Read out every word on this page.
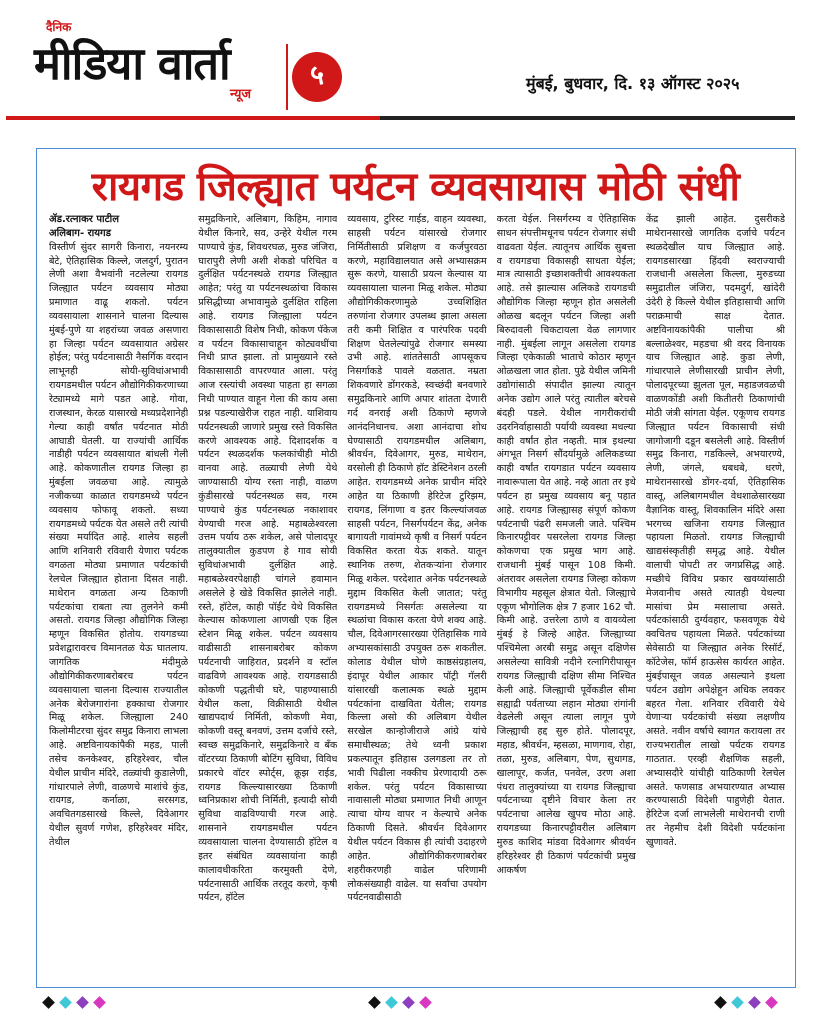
दैनिक
मीडिया वार्ता
न्यूज
५	मुंबई, बुधवार, दि. १३ ऑगस्ट २०२५
रायगड जिल्ह्यात पर्यटन व्यवसायास मोठी संधी
ॲड.रत्नाकर पाटील
अलिबाग- रायगड

विस्तीर्ण सुंदर सागरी किनारा, नयनरम्य बेटे, ऐतिहासिक किल्ले, जलदुर्ग, पुरातन लेणी अशा वैभवांनी नटलेल्या रायगड जिल्ह्यात पर्यटन व्यवसाय मोठ्या प्रमाणात वाढू शकतो. पर्यटन व्यवसायाला शासनाने चालना दिल्यास मुंबई-पुणे या शहरांच्या जवळ असणारा हा जिल्हा पर्यटन व्यवसायात अग्रेसर होईल; परंतु पर्यटनासाठी नैसर्गिक वरदान लाभूनही सोयी-सुविधांअभावी रायगडमधील पर्यटन औद्योगिकीकरणाच्या रेट्यामध्ये मागे पडत आहे. गोवा, राजस्थान, केरळ यासारखे मध्यप्रदेशानेही गेल्या काही वर्षांत पर्यटनात मोठी आघाडी घेतली. या राज्यांची आर्थिक नाडीही पर्यटन व्यवसायात बांधली गेली आहे. कोकणातील रायगड जिल्हा हा मुंबईला जवळचा आहे. त्यामुळे नजीकच्या काळात रायगडमध्ये पर्यटन व्यवसाय फोफावू शकतो. सध्या रायगडमध्ये पर्यटक येत असले तरी त्यांची संख्या मर्यादित आहे. शालेय सहली आणि शनिवारी रविवारी येणारा पर्यटक वगळता मोठ्या प्रमाणात पर्यटकांची रेलचेल जिल्ह्यात होताना दिसत नाही. माथेरान वगळता अन्य ठिकाणी पर्यटकांचा राबता त्या तुलनेने कमी असतो. रायगड जिल्हा औद्योगिक जिल्हा म्हणून विकसित होतोय. रायगडच्या प्रवेशद्वारावरच विमानतळ येऊ घातलाय. जागतिक मंदीमुळे औद्योगिकीकरणाबरोबरच पर्यटन व्यवसायाला चालना दिल्यास राज्यातील अनेक बेरोजगारांना हक्काचा रोजगार मिळू शकेल. जिल्ह्याला 240 किलोमीटरचा सुंदर समुद्र किनारा लाभला आहे. अष्टविनायकांपैकी महड, पाली तसेच कनकेश्वर, हरिहरेश्वर, चौल येथील प्राचीन मंदिरे, तळ्यांची कुडालेणी, गांधारपाले लेणी, वाळणचे माशांचे कुंड, रायगड, कर्नाळा, सरसगड, अवचितगडसारखे किल्ले, दिवेआगर येथील सुवर्ण गणेश, हरिहरेश्वर मंदिर, तेथील

समुद्रकिनारे, अलिबाग, किहिम, नागाव येथील किनारे, सव, उन्हेरे येथील गरम पाण्याचे कुंड, शिवथरघळ, मुरुड जंजिरा, घारापुरी लेणी अशी शेकडो परिचित व दुर्लक्षित पर्यटनस्थळे रायगड जिल्ह्यात आहेत; परंतु या पर्यटनस्थळांचा विकास प्रसिद्धीच्या अभावामुळे दुर्लक्षित राहिला आहे. रायगड जिल्ह्याला पर्यटन विकासासाठी विशेष निधी, कोकण पॅकेज व पर्यटन विकासाचाहून कोट्यवधींचा निधी प्राप्त झाला. तो प्रामुख्याने रस्ते विकासासाठी वापरण्यात आला. परंतु आज रस्त्यांची अवस्था पाहता हा सगळा निधी पाण्यात वाहून गेला की काय असा प्रश्न पडल्याखेरीज राहत नाही. याशिवाय पर्यटनस्थळी जाणारे प्रमुख रस्ते विकसित करणे आवश्यक आहे. दिशादर्शक व पर्यटन स्थळदर्शक फलकांचीही मोठी वानवा आहे. तळ्याची लेणी येथे जाण्यासाठी योग्य रस्ता नाही, वाळण कुंडीसारखे पर्यटनस्थळ सव, गरम पाण्याचे कुंड पर्यटनस्थळ नकाशावर येण्याची गरज आहे. महाबळेश्वरला उत्तम पर्याय ठरू शकेल, असे पोलादपूर तालुक्यातील कुडपण हे गाव सोयी सुविधांअभावी दुर्लक्षित आहे. महाबळेश्वरपेक्षाही चांगले हवामान असलेले हे खेडे विकसित झालेले नाही. रस्ते, हॉटेल, काही पॉईंट येथे विकसित केल्यास कोकणाला आणखी एक हिल स्टेशन मिळू शकेल. पर्यटन व्यवसाय वाढीसाठी शासनाबरोबर कोकण पर्यटनाची जाहिरात, प्रदर्शने व स्टॉल वाढविणे आवश्यक आहे. रायगडसाठी कोकणी पद्धतीची घरे, पाहण्यासाठी येथील कला, विक्रीसाठी येथील खाद्यपदार्थ निर्मिती, कोकणी मेवा, कोकणी वस्तू बनवणं, उत्तम दर्जाचे रस्ते, स्वच्छ समुद्रकिनारे, समुद्रकिनारे व बँक वॉटरच्या ठिकाणी बोटिंग सुविधा, विविध प्रकारचे वॉटर स्पोर्ट्स, क्रूझ राईड, रायगड किल्ल्यासारख्या ठिकाणी ध्वनिप्रकाश शोची निर्मिती, इत्यादी सोयी सुविधा वाढविण्याची गरज आहे. शासनाने रायगडमधील पर्यटन व्यवसायाला चालना देण्यासाठी हॉटेल व इतर संबंधित व्यवसायांना काही कालावधीकरिता करमुक्ती देणे, पर्यटनासाठी आर्थिक तरतूद करणे, कृषी पर्यटन, हॉटेल

व्यवसाय, टुरिस्ट गाईड, वाहन व्यवस्था, साहसी पर्यटन यांसारखे रोजगार निर्मितीसाठी प्रशिक्षण व कर्जपुरवठा करणे, महाविद्यालयात असे अभ्यासक्रम सुरू करणे, यासाठी प्रयत्न केल्यास या व्यवसायाला चालना मिळू शकेल. मोठ्या औद्योगिकीकरणामुळे उच्चशिक्षित तरुणांना रोजगार उपलब्ध झाला असला तरी कमी शिक्षित व पारंपरिक पदवी शिक्षण घेतलेल्यांपुढे रोजगार समस्या उभी आहे. शांततेसाठी आपसूकच निसर्गाकडे पावले वळतात. नम्रता शिकवणारे डोंगरकडे, स्वच्छंदी बनवणारे समुद्रकिनारे आणि अपार शांतता देणारी गर्द वनराई अशी ठिकाणे म्हणजे आनंदनिधानच. अशा आनंदाचा शोध घेण्यासाठी रायगडमधील अलिबाग, श्रीवर्धन, दिवेआगर, मुरुड, माथेरान, वरसोली ही ठिकाणे हॉट डेस्टिनेशन ठरली आहेत. रायगडमध्ये अनेक प्राचीन मंदिरे आहेत या ठिकाणी हेरिटेज टुरिझम, रायगड, लिंगाणा व इतर किल्ल्यांजवळ साहसी पर्यटन, निसर्गपर्यटन केंद्र, अनेक बागायती गावांमध्ये कृषी व निसर्ग पर्यटन विकसित करता येऊ शकते. यातून स्थानिक तरुण, शेतकऱ्यांना रोजगार मिळू शकेल. परदेशात अनेक पर्यटनस्थळे मुद्दाम विकसित केली जातात; परंतु रायगडमध्ये निसर्गतः असलेल्या या स्थळांचा विकास करता येणे शक्य आहे. चौल, दिवेआगरसारख्या ऐतिहासिक गावे अभ्यासकांसाठी उपयुक्त ठरू शकतील. कोलाड येथील घोणे काष्ठसंग्रहालय, इंदापूर येथील आकार पॉट्री गॅलरी यांसारखी कलात्मक स्थळे मुद्दाम पर्यटकांना दाखविता येतील; रायगड किल्ला असो की अलिबाग येथील सरखेल कान्होजीराजे आंग्रे यांचे समाधीस्थळ; तेथे ध्वनी प्रकाश प्रकल्पातून इतिहास उलगडला तर तो भावी पिढीला नक्कीच प्रेरणादायी ठरू शकेल. परंतु पर्यटन विकासाच्या नावासाली मोठ्या प्रमाणात निधी आणून त्याचा योग्य वापर न केल्याचे अनेक ठिकाणी दिसते. श्रीवर्धन दिवेआगर येथील पर्यटन विकास ही त्यांची उदाहरणे आहेत. औद्योगिकीकरणाबरोबर शहरीकरणही वाढेल परिणामी लोकसंख्याही वाढेल. या सर्वांचा उपयोग पर्यटनवाढीसाठी

करता येईल. निसर्गरम्य व ऐतिहासिक साधन संपत्तीमधूनच पर्यटन रोजगार संधी वाढवता येईल. त्यातूनच आर्थिक सुबत्ता व रायगडचा विकासही साधता येईल; मात्र त्यासाठी इच्छाशक्तीची आवश्यकता आहे. तसे झाल्यास अलिकडे रायगडची औद्योगिक जिल्हा म्हणून होत असलेली ओळख बदलून पर्यटन जिल्हा अशी बिरुदावली चिकटायला वेळ लागणार नाही. मुंबईला लागून असलेला रायगड जिल्हा एकेकाळी भाताचे कोठार म्हणून ओळखला जात होता. पुढे येथील जमिनी उद्योगांसाठी संपादीत झाल्या त्यातून अनेक उद्योग आले परंतु त्यातील बरेचसे बंदही पडले. येथील नागरीकरांची उदरनिर्वाहासाठी पर्यायी व्यवस्था मधल्या काही वर्षांत होत नव्हती. मात्र इथल्या अंगभूत निसर्ग सौंदर्यामुळे अलिकडच्या काही वर्षांत रायगडात पर्यटन व्यवसाय नावारूपाला येत आहे. नव्हे आता तर इथे पर्यटन हा प्रमुख व्यवसाय बनू पहात आहे. रायगड जिल्ह्यासह संपूर्ण कोकण पर्यटनाची पंढरी समजली जाते. पश्चिम किनारपट्टीवर पसरलेला रायगड जिल्हा कोकणचा एक प्रमुख भाग आहे. राजधानी मुंबई पासून 108 किमी. अंतरावर असलेला रायगड जिल्हा कोकण विभागीय महसूल क्षेत्रात येतो. जिल्ह्याचे एकूण भौगोलिक क्षेत्र 7 हजार 162 चौ. किमी आहे. उत्तरेला ठाणे व वायव्येला मुंबई हे जिल्हे आहेत. जिल्ह्याच्या पश्चिमेला अरबी समुद्र असून दक्षिणेस असलेल्या सावित्री नदीने रत्नागिरीपासून रायगड जिल्ह्याची दक्षिण सीमा निश्चित केली आहे. जिल्ह्याची पूर्वेकडील सीमा सह्याद्री पर्वताच्या लहान मोठ्या रांगांनी वेढलेली असून त्याला लागून पुणे जिल्ह्याची हद्द सुरु होते. पोलादपूर, महाड, श्रीवर्धन, म्हसळा, माणगाव, रोहा, तळा, मुरुड, अलिबाग, पेण, सुधागड, खालापूर, कर्जत, पनवेल, उरण अशा पंधरा तालुक्यांच्या या रायगड जिल्ह्याचा पर्यटनाच्या दृष्टीने विचार केला तर पर्यटनाचा आलेख खुपच मोठा आहे. रायगडच्या किनारपट्टीवरील अलिबाग मुरुड काशिद मांडवा दिवेआगर श्रीवर्धन हरिहरेश्वर ही ठिकाणं पर्यटकांची प्रमुख आकर्षण

केंद्र झाली आहेत. दुसरीकडे माथेरानसारखे जागतिक दर्जाचे पर्यटन स्थळदेखील याच जिल्ह्यात आहे. रायगडसारखा हिंदवी स्वराज्याची राजधानी असलेला किल्ला, मुरुडच्या समुद्रातील जंजिरा, पदमदुर्ग, खांदेरी उंदेरी हे किल्ले येथील इतिहासाची आणि पराक्रमाची साक्ष देतात. अष्टविनायकांपैकी पालीचा श्री बल्लाळेश्वर, महडचा श्री वरद विनायक याच जिल्ह्यात आहे. कुडा लेणी, गांधारपाले लेणीसारखी प्राचीन लेणी, पोलादपूरच्या झुलता पूल, महाडजवळची वाळणकोंडी अशी कितीतरी ठिकाणांची मोठी जंत्री सांगता येईल. एकूणच रायगड जिल्ह्यात पर्यटन विकासाची संधी जागोजागी दडून बसलेली आहे. विस्तीर्ण समुद्र किनारा, गडकिल्ले, अभयारण्ये, लेणी, जंगले, धबधबे, धरणे, माथेरानसारखे डोंगर-दर्या, ऐतिहासिक वास्तू, अलिबागमधील वेधशाळेसारख्या वैज्ञानिक वास्तू, शिवकालिन मंदिरे असा भरगच्च खजिना रायगड जिल्ह्यात पहायला मिळतो. रायगड जिल्ह्याची खाद्यसंस्कृतीही समृद्ध आहे. येथील वालाची पोपटी तर जगप्रसिद्ध आहे. मच्छीचे विविध प्रकार खवय्यांसाठी मेजवानीच असते त्यातही येथल्या मासांचा प्रेम मसालाचा असते. पर्यटकांसाठी दुर्ग्यवहार, फसवणूक येथे क्वचितच पहायला मिळते. पर्यटकांच्या सेवेसाठी या जिल्ह्यात अनेक रिसॉर्ट, कॉटेजेस, फॉर्म हाऊसेस कार्यरत आहेत. मुंबईपासून जवळ असल्याने इथला पर्यटन उद्योग अपेक्षेहून अधिक लवकर बहरत गेला. शनिवार रविवारी येथे येणाऱ्या पर्यटकांची संख्या लक्षणीय असते. नवीन वर्षाचे स्वागत करायला तर राज्यभरातील लाखो पर्यटक रायगड गाठतात. एरव्ही शैक्षणिक सहली, अभ्यासदौरे यांचीही याठिकाणी रेलचेल असते. फणसाड अभयारण्यात अभ्यास करण्यासाठी विदेशी पाहुणेही येतात. हेरिटेज दर्जा लाभलेली माथेरानची राणी तर नेहमीच देशी विदेशी पर्यटकांना खुणावते.
